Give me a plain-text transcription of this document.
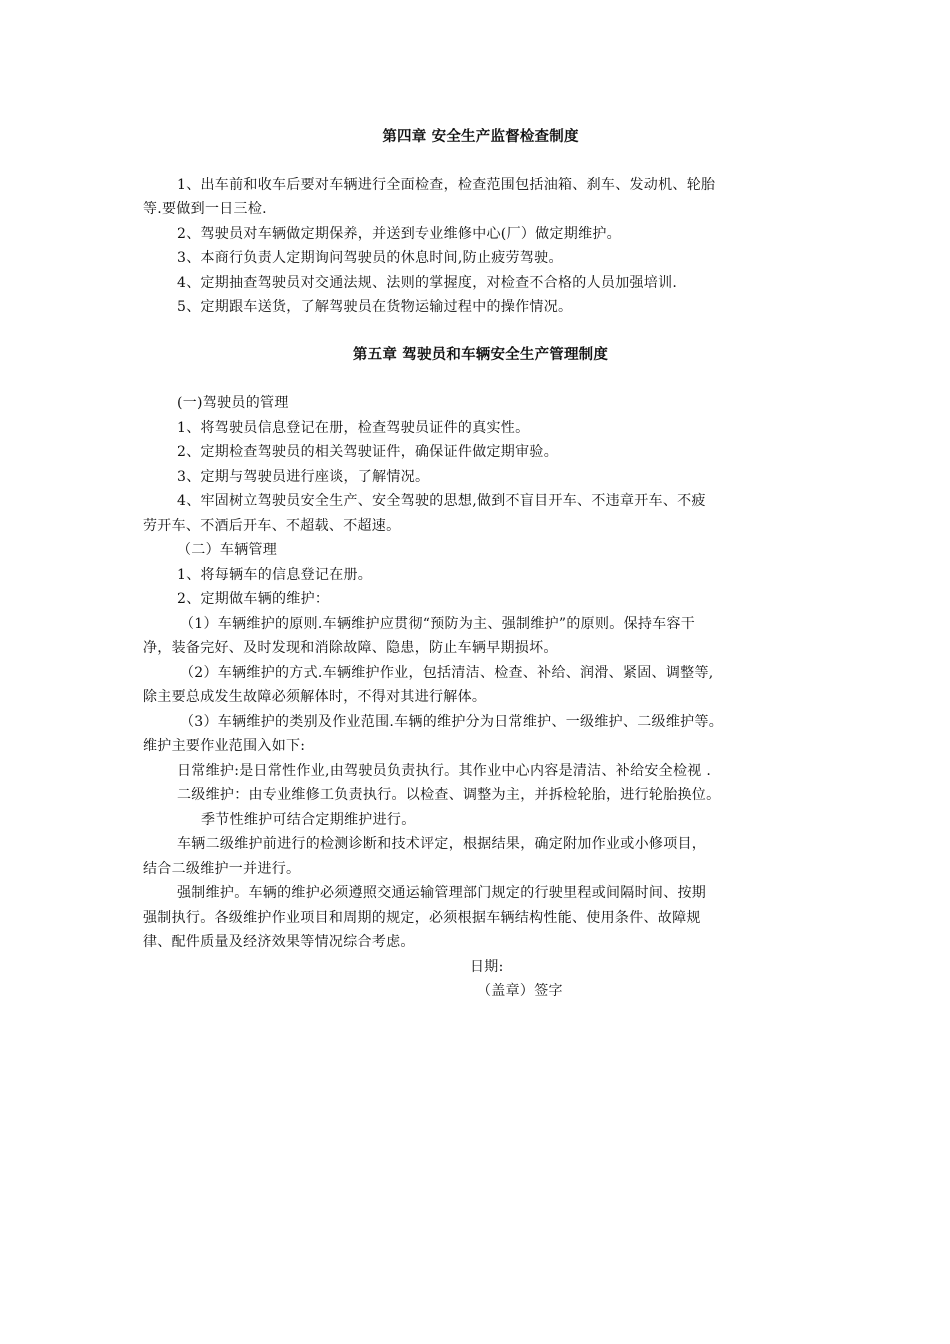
第四章 安全生产监督检查制度
1、出车前和收车后要对车辆进行全面检查，检查范围包括油箱、刹车、发动机、轮胎
等.要做到一日三检.
2、驾驶员对车辆做定期保养，并送到专业维修中心(厂）做定期维护。
3、本商行负责人定期询问驾驶员的休息时间,防止疲劳驾驶。
4、定期抽查驾驶员对交通法规、法则的掌握度，对检查不合格的人员加强培训.
5、定期跟车送货，了解驾驶员在货物运输过程中的操作情况。
第五章 驾驶员和车辆安全生产管理制度
(一)驾驶员的管理
1、将驾驶员信息登记在册，检查驾驶员证件的真实性。
2、定期检查驾驶员的相关驾驶证件，确保证件做定期审验。
3、定期与驾驶员进行座谈，了解情况。
4、牢固树立驾驶员安全生产、安全驾驶的思想,做到不盲目开车、不违章开车、不疲
劳开车、不酒后开车、不超载、不超速。
（二）车辆管理
1、将每辆车的信息登记在册。
2、定期做车辆的维护：
（1）车辆维护的原则.车辆维护应贯彻“预防为主、强制维护”的原则。保持车容干
净，装备完好、及时发现和消除故障、隐患，防止车辆早期损坏。
（2）车辆维护的方式.车辆维护作业，包括清洁、检查、补给、润滑、紧固、调整等,
除主要总成发生故障必须解体时，不得对其进行解体。
（3）车辆维护的类别及作业范围.车辆的维护分为日常维护、一级维护、二级维护等。
维护主要作业范围入如下:
日常维护:是日常性作业,由驾驶员负责执行。其作业中心内容是清洁、补给安全检视 .
二级维护：由专业维修工负责执行。以检查、调整为主，并拆检轮胎，进行轮胎换位。
季节性维护可结合定期维护进行。
车辆二级维护前进行的检测诊断和技术评定，根据结果，确定附加作业或小修项目，
结合二级维护一并进行。
强制维护。车辆的维护必须遵照交通运输管理部门规定的行驶里程或间隔时间、按期
强制执行。各级维护作业项目和周期的规定，必须根据车辆结构性能、使用条件、故障规
律、配件质量及经济效果等情况综合考虑。
日期:
（盖章）签字
